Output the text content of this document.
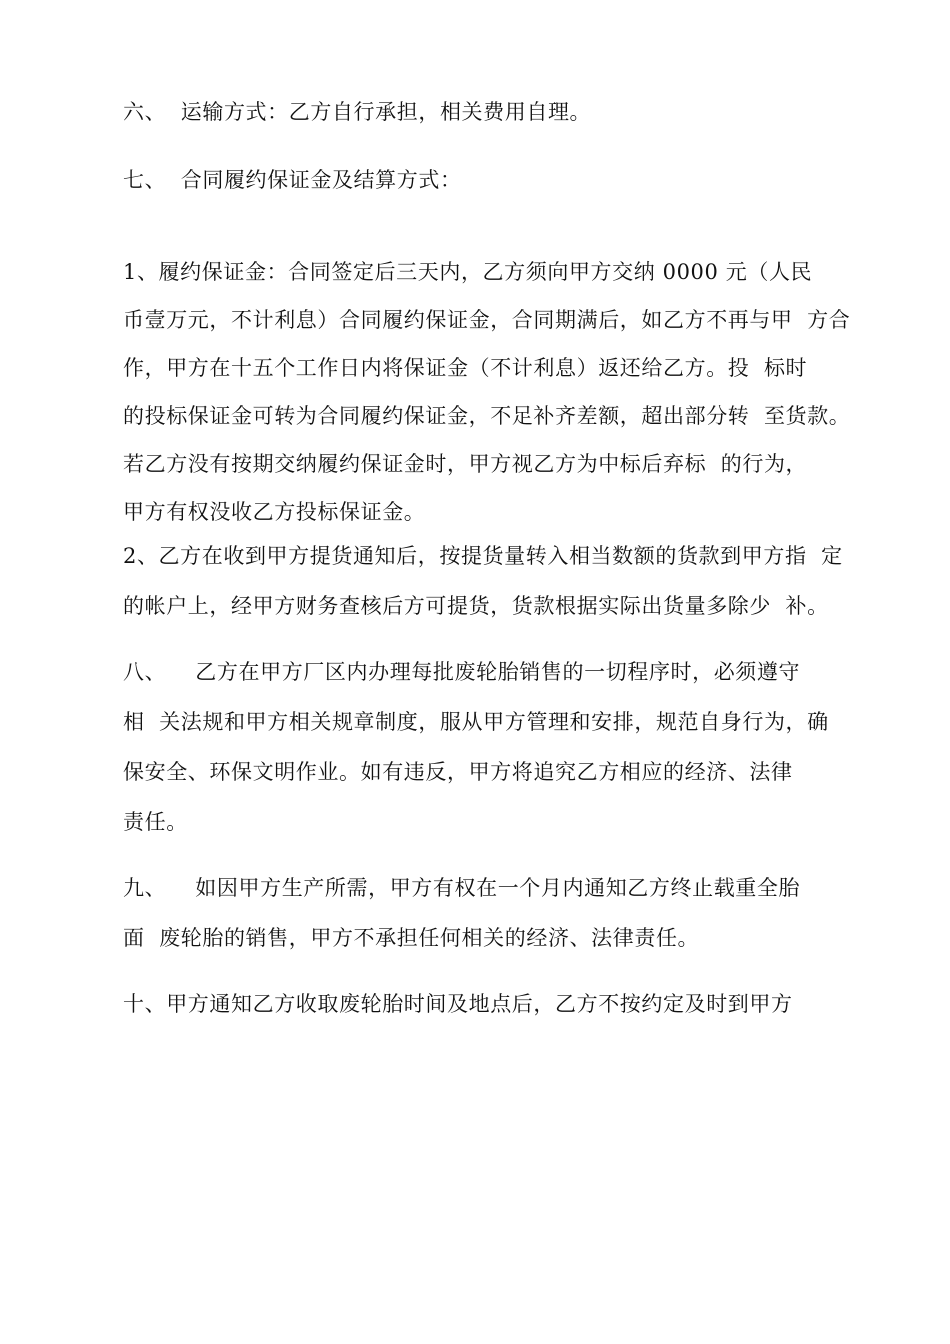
六、  运输方式：乙方自行承担，相关费用自理。
七、  合同履约保证金及结算方式：
1、履约保证金：合同签定后三天内，乙方须向甲方交纳 0000 元（人民
币壹万元，不计利息）合同履约保证金，合同期满后，如乙方不再与甲  方合
作，甲方在十五个工作日内将保证金（不计利息）返还给乙方。投  标时
的投标保证金可转为合同履约保证金，不足补齐差额，超出部分转  至货款。
若乙方没有按期交纳履约保证金时，甲方视乙方为中标后弃标  的行为，
甲方有权没收乙方投标保证金。
2、乙方在收到甲方提货通知后，按提货量转入相当数额的货款到甲方指  定
的帐户上，经甲方财务查核后方可提货，货款根据实际出货量多除少  补。
八、    乙方在甲方厂区内办理每批废轮胎销售的一切程序时，必须遵守
相  关法规和甲方相关规章制度，服从甲方管理和安排，规范自身行为，确
保安全、环保文明作业。如有违反，甲方将追究乙方相应的经济、法律
责任。
九、    如因甲方生产所需，甲方有权在一个月内通知乙方终止载重全胎
面  废轮胎的销售，甲方不承担任何相关的经济、法律责任。
十、甲方通知乙方收取废轮胎时间及地点后，乙方不按约定及时到甲方
